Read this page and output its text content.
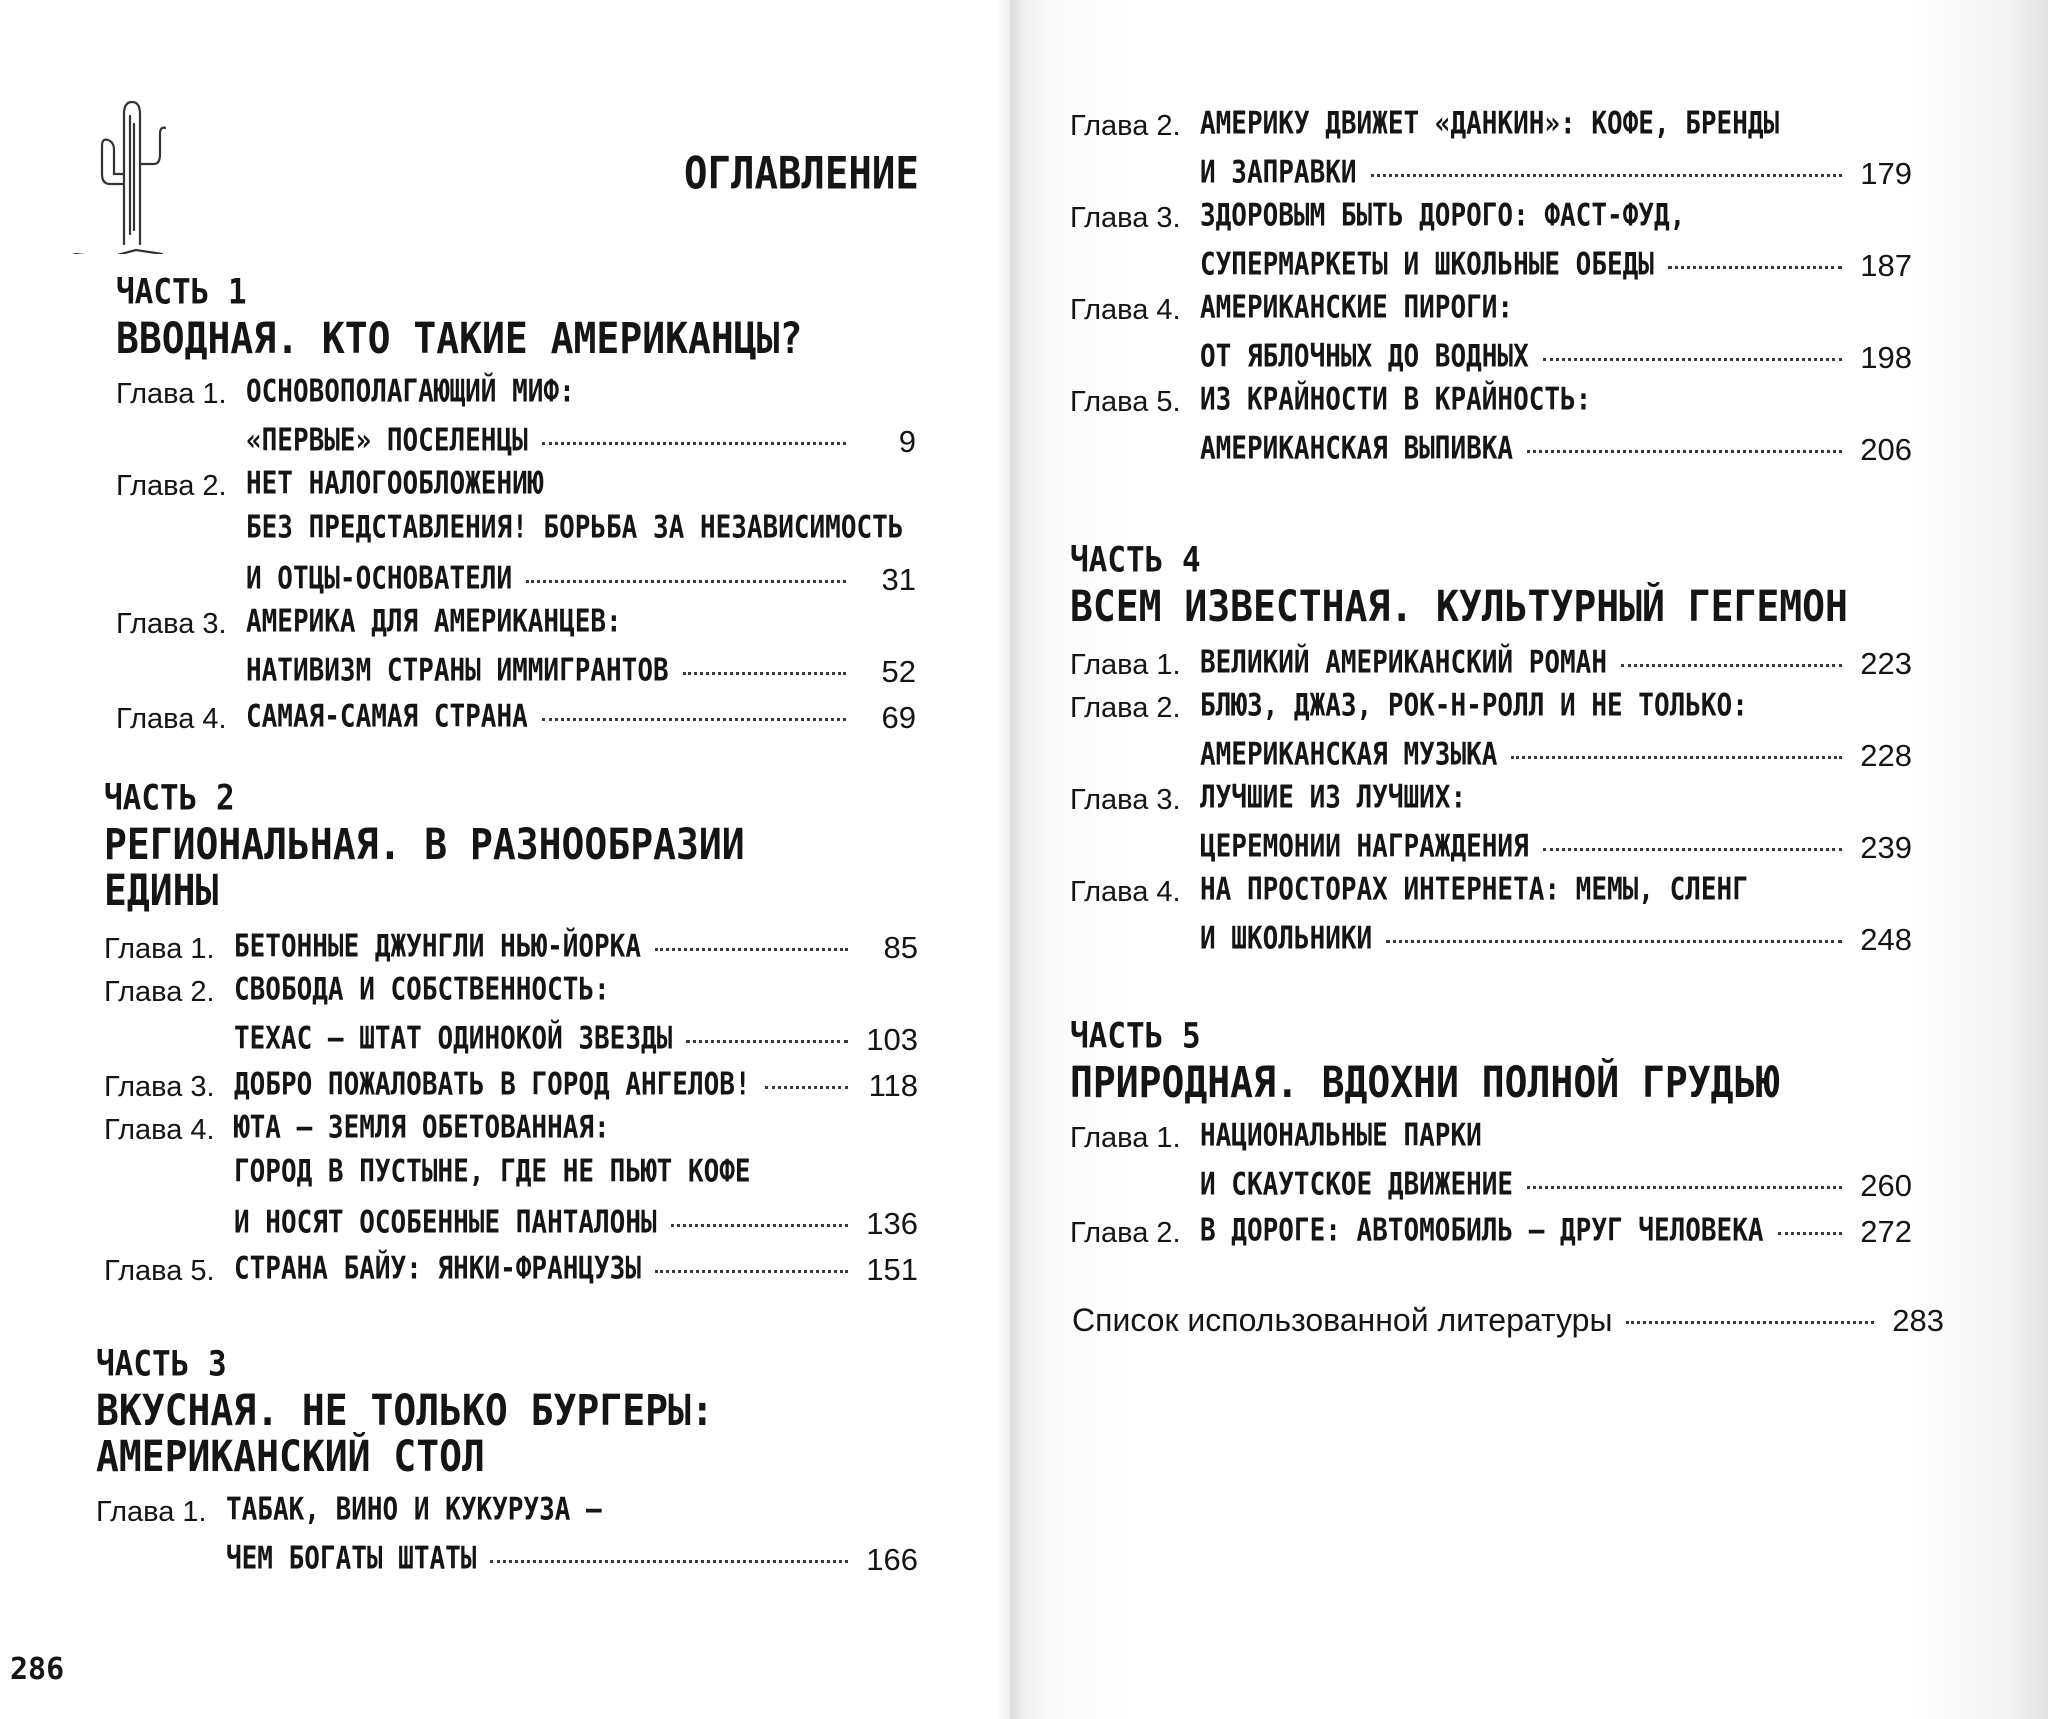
ОГЛАВЛЕНИЕ
ЧАСТЬ 1
ВВОДНАЯ. КТО ТАКИЕ АМЕРИКАНЦЫ?
Глава 1. ОСНОВОПОЛАГАЮЩИЙ МИФ:
«ПЕРВЫЕ» ПОСЕЛЕНЦЫ	9
Глава 2. НЕТ НАЛОГООБЛОЖЕНИЮ
БЕЗ ПРЕДСТАВЛЕНИЯ! БОРЬБА ЗА НЕЗАВИСИМОСТЬ
И ОТЦЫ-ОСНОВАТЕЛИ	31
Глава 3. АМЕРИКА ДЛЯ АМЕРИКАНЦЕВ:
НАТИВИЗМ СТРАНЫ ИММИГРАНТОВ	52
Глава 4. САМАЯ-САМАЯ СТРАНА	69
ЧАСТЬ 2
РЕГИОНАЛЬНАЯ. В РАЗНООБРАЗИИ
ЕДИНЫ
Глава 1. БЕТОННЫЕ ДЖУНГЛИ НЬЮ-ЙОРКА	85
Глава 2. СВОБОДА И СОБСТВЕННОСТЬ:
ТЕХАС – ШТАТ ОДИНОКОЙ ЗВЕЗДЫ	103
Глава 3. ДОБРО ПОЖАЛОВАТЬ В ГОРОД АНГЕЛОВ!	118
Глава 4. ЮТА – ЗЕМЛЯ ОБЕТОВАННАЯ:
ГОРОД В ПУСТЫНЕ, ГДЕ НЕ ПЬЮТ КОФЕ
И НОСЯТ ОСОБЕННЫЕ ПАНТАЛОНЫ	136
Глава 5. СТРАНА БАЙУ: ЯНКИ-ФРАНЦУЗЫ	151
ЧАСТЬ 3
ВКУСНАЯ. НЕ ТОЛЬКО БУРГЕРЫ:
АМЕРИКАНСКИЙ СТОЛ
Глава 1. ТАБАК, ВИНО И КУКУРУЗА –
ЧЕМ БОГАТЫ ШТАТЫ	166
286
Глава 2. АМЕРИКУ ДВИЖЕТ «ДАНКИН»: КОФЕ, БРЕНДЫ
И ЗАПРАВКИ	179
Глава 3. ЗДОРОВЫМ БЫТЬ ДОРОГО: ФАСТ-ФУД,
СУПЕРМАРКЕТЫ И ШКОЛЬНЫЕ ОБЕДЫ	187
Глава 4. АМЕРИКАНСКИЕ ПИРОГИ:
ОТ ЯБЛОЧНЫХ ДО ВОДНЫХ	198
Глава 5. ИЗ КРАЙНОСТИ В КРАЙНОСТЬ:
АМЕРИКАНСКАЯ ВЫПИВКА	206
ЧАСТЬ 4
ВСЕМ ИЗВЕСТНАЯ. КУЛЬТУРНЫЙ ГЕГЕМОН
Глава 1. ВЕЛИКИЙ АМЕРИКАНСКИЙ РОМАН	223
Глава 2. БЛЮЗ, ДЖАЗ, РОК-Н-РОЛЛ И НЕ ТОЛЬКО:
АМЕРИКАНСКАЯ МУЗЫКА	228
Глава 3. ЛУЧШИЕ ИЗ ЛУЧШИХ:
ЦЕРЕМОНИИ НАГРАЖДЕНИЯ	239
Глава 4. НА ПРОСТОРАХ ИНТЕРНЕТА: МЕМЫ, СЛЕНГ
И ШКОЛЬНИКИ	248
ЧАСТЬ 5
ПРИРОДНАЯ. ВДОХНИ ПОЛНОЙ ГРУДЬЮ
Глава 1. НАЦИОНАЛЬНЫЕ ПАРКИ
И СКАУТСКОЕ ДВИЖЕНИЕ	260
Глава 2. В ДОРОГЕ: АВТОМОБИЛЬ – ДРУГ ЧЕЛОВЕКА	272
Список использованной литературы	283
